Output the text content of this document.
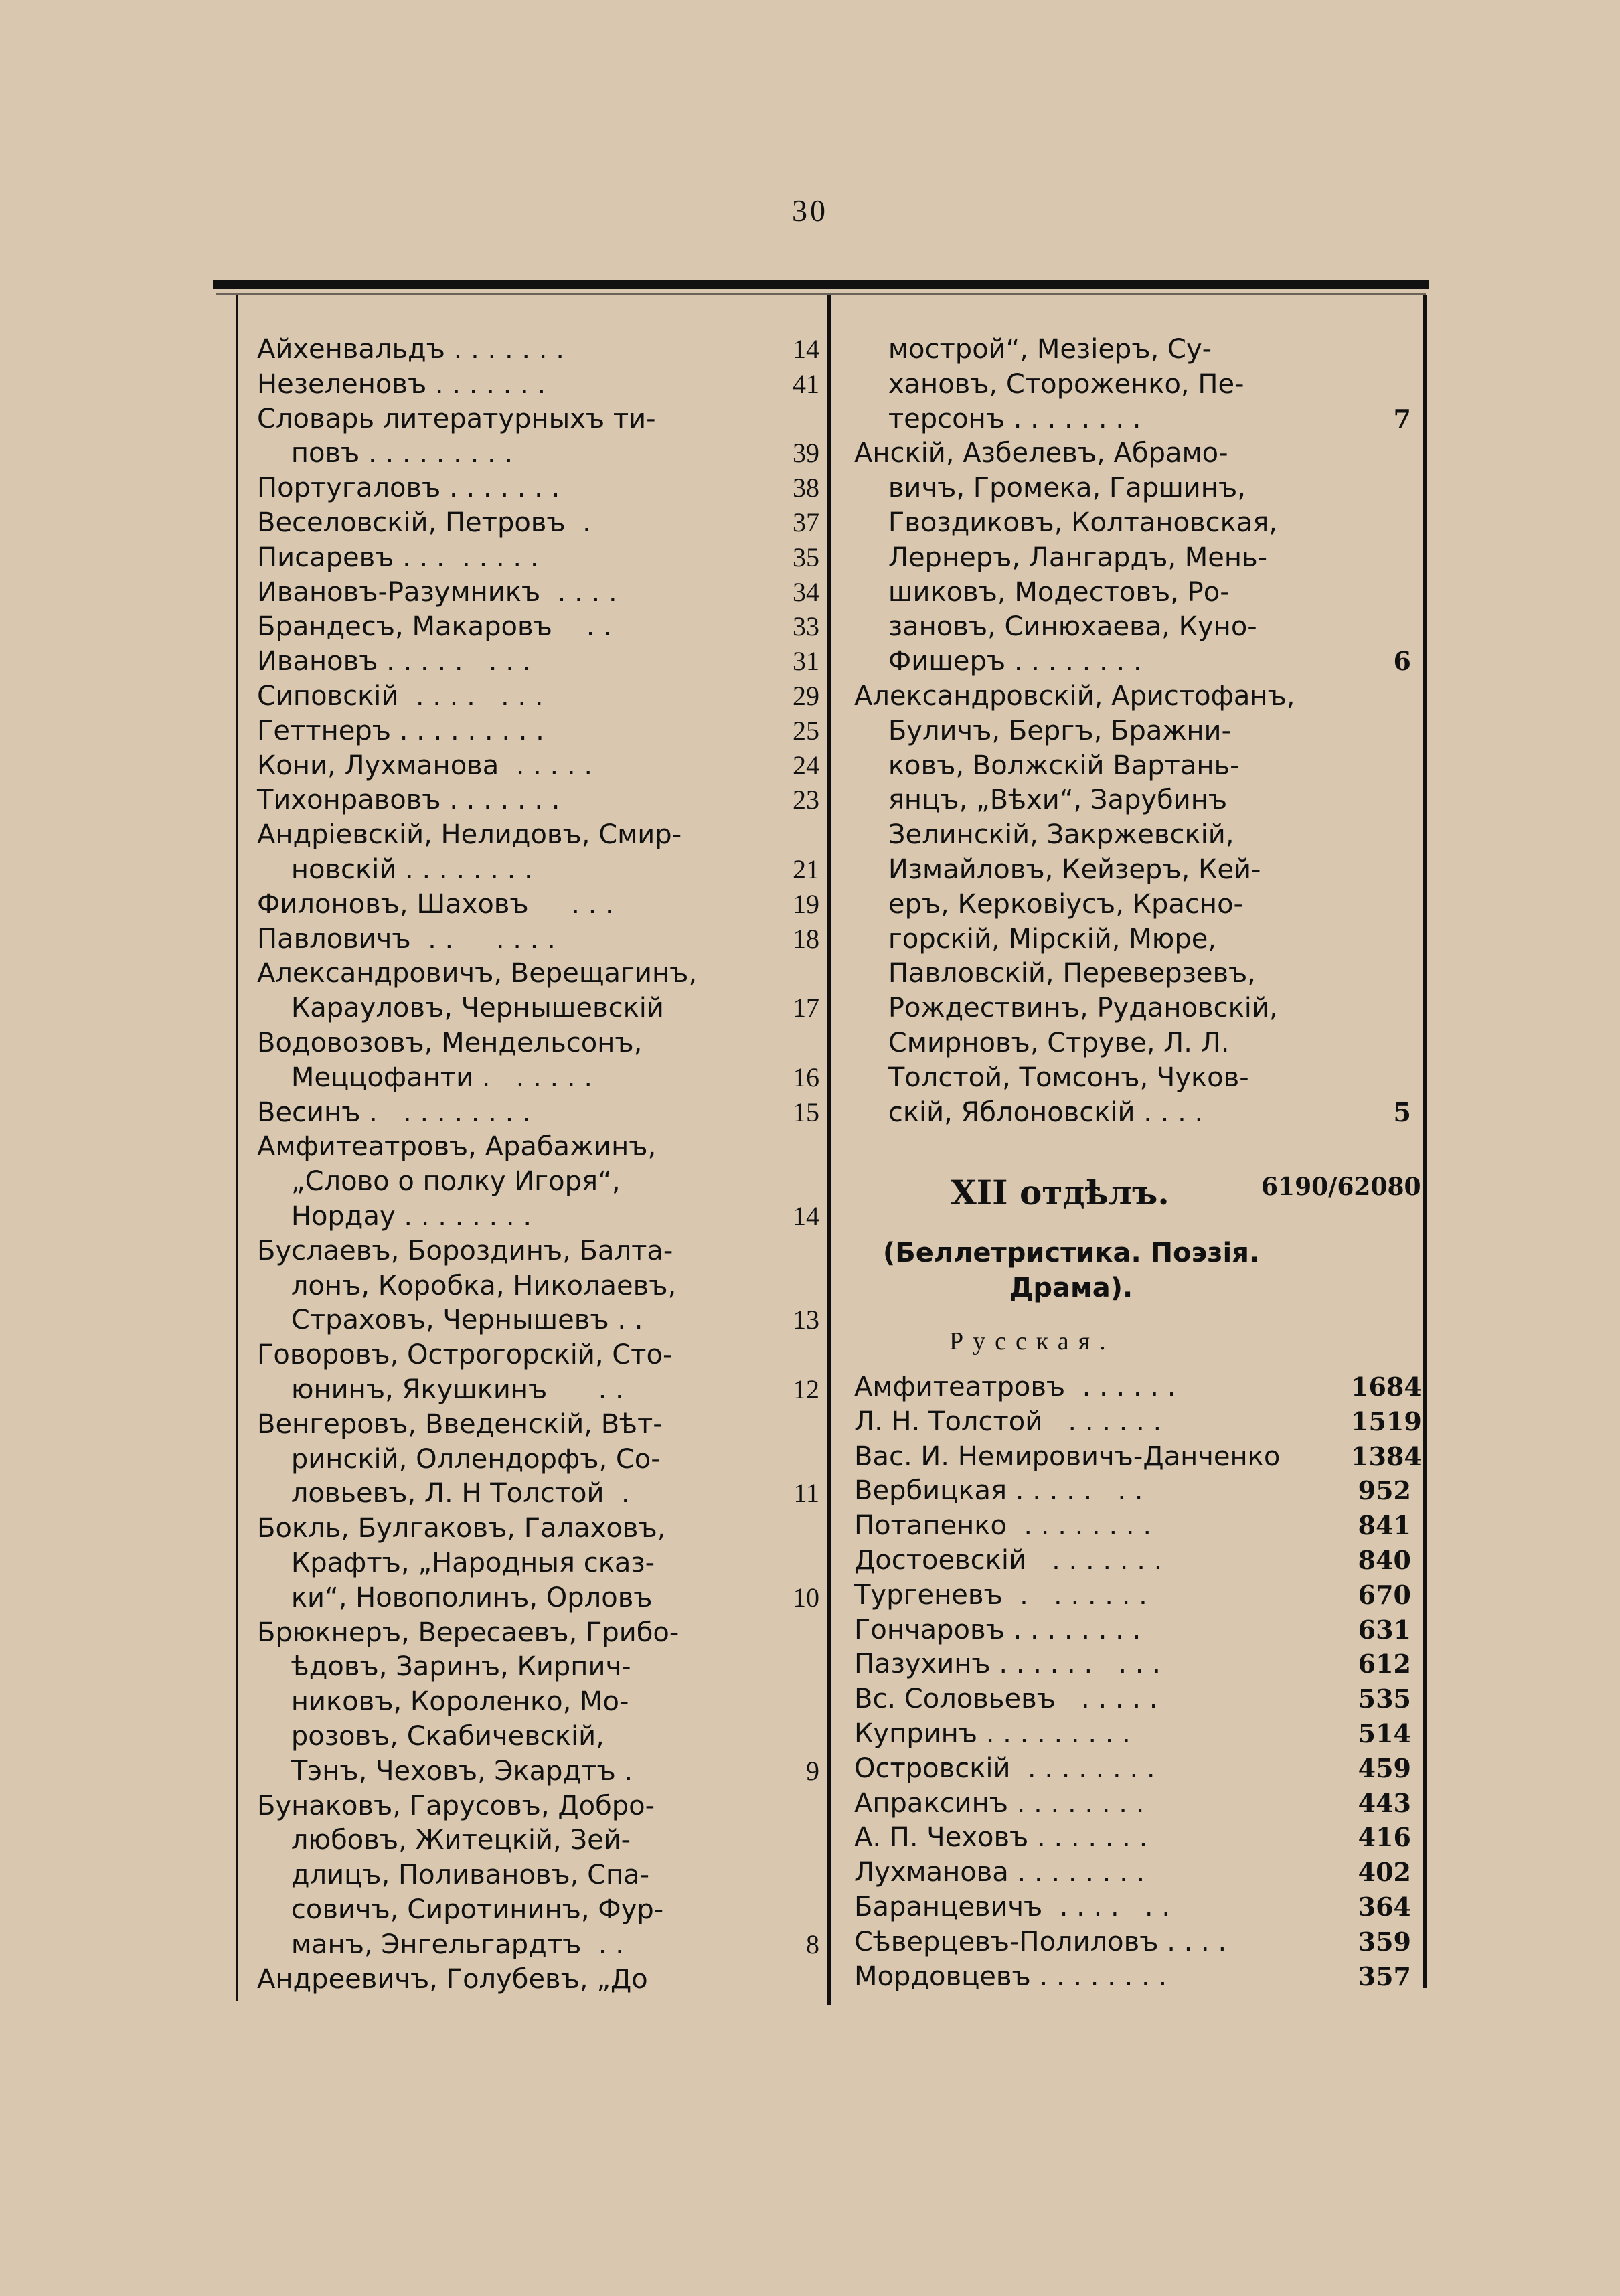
30
Айхенвальдъ . . . . . . .	14
Незеленовъ . . . . . . .	41
Словарь литературныхъ ти-
повъ . . . . . . . . .	39
Португаловъ . . . . . . .	38
Веселовскій, Петровъ  .	37
Писаревъ . . .  . . . . .	35
Ивановъ-Разумникъ  . . . .	34
Брандесъ, Макаровъ    . .	33
Ивановъ . . . . .   . . .	31
Сиповскій  . . . .   . . .	29
Геттнеръ . . . . . . . . .	25
Кони, Лухманова  . . . . .	24
Тихонравовъ . . . . . . .	23
Андріевскій, Нелидовъ, Смир-
новскій . . . . . . . .	21
Филоновъ, Шаховъ     . . .	19
Павловичъ  . .     . . . .	18
Александровичъ, Верещагинъ,
Карауловъ, Чернышевскій	17
Водовозовъ, Мендельсонъ,
Меццофанти .   . . . . .	16
Весинъ .   . . . . . . . .	15
Амфитеатровъ, Арабажинъ,
„Слово о полку Игоря“,
Нордау . . . . . . . .	14
Буслаевъ, Бороздинъ, Балта-
лонъ, Коробка, Николаевъ,
Страховъ, Чернышевъ . .	13
Говоровъ, Острогорскій, Сто-
юнинъ, Якушкинъ      . .	12
Венгеровъ, Введенскій, Вѣт-
ринскій, Оллендорфъ, Со-
ловьевъ, Л. Н Толстой  .	11
Бокль, Булгаковъ, Галаховъ,
Крафтъ, „Народныя сказ-
ки“, Новополинъ, Орловъ	10
Брюкнеръ, Вересаевъ, Грибо-
ѣдовъ, Заринъ, Кирпич-
никовъ, Короленко, Мо-
розовъ, Скабичевскій,
Тэнъ, Чеховъ, Экардтъ .	9
Бунаковъ, Гарусовъ, Добро-
любовъ, Житецкій, Зей-
длицъ, Поливановъ, Спа-
совичъ, Сиротининъ, Фур-
манъ, Энгельгардтъ  . .	8
Андреевичъ, Голубевъ, „До
мострой“, Мезіеръ, Су-
хановъ, Стороженко, Пе-
терсонъ . . . . . . . .	7
Анскій, Азбелевъ, Абрамо-
вичъ, Громека, Гаршинъ,
Гвоздиковъ, Колтановская,
Лернеръ, Лангардъ, Мень-
шиковъ, Модестовъ, Ро-
зановъ, Синюхаева, Куно-
Фишеръ . . . . . . . .	6
Александровскій, Аристофанъ,
Буличъ, Бергъ, Бражни-
ковъ, Волжскій Вартань-
янцъ, „Вѣхи“, Зарубинъ
Зелинскій, Закржевскій,
Измайловъ, Кейзеръ, Кей-
еръ, Керковіусъ, Красно-
горскій, Мірскій, Мюре,
Павловскій, Переверзевъ,
Рождествинъ, Рудановскій,
Смирновъ, Струве, Л. Л.
Толстой, Томсонъ, Чуков-
скій, Яблоновскій . . . .	5
XII отдѣлъ.	6190/62080
(Беллетристика. Поэзія.
Драма).
Русская.
Амфитеатровъ  . . . . . .	1684
Л. Н. Толстой   . . . . . .	1519
Вас. И. Немировичъ-Данченко	1384
Вербицкая . . . . .   . .	952
Потапенко  . . . . . . . .	841
Достоевскій   . . . . . . .	840
Тургеневъ  .   . . . . . .	670
Гончаровъ . . . . . . . .	631
Пазухинъ . . . . . .   . . .	612
Вс. Соловьевъ   . . . . .	535
Купринъ . . . . . . . . .	514
Островскій  . . . . . . . .	459
Апраксинъ . . . . . . . .	443
А. П. Чеховъ . . . . . . .	416
Лухманова . . . . . . . .	402
Баранцевичъ  . . . .   . .	364
Сѣверцевъ-Полиловъ . . . .	359
Мордовцевъ . . . . . . . .	357
